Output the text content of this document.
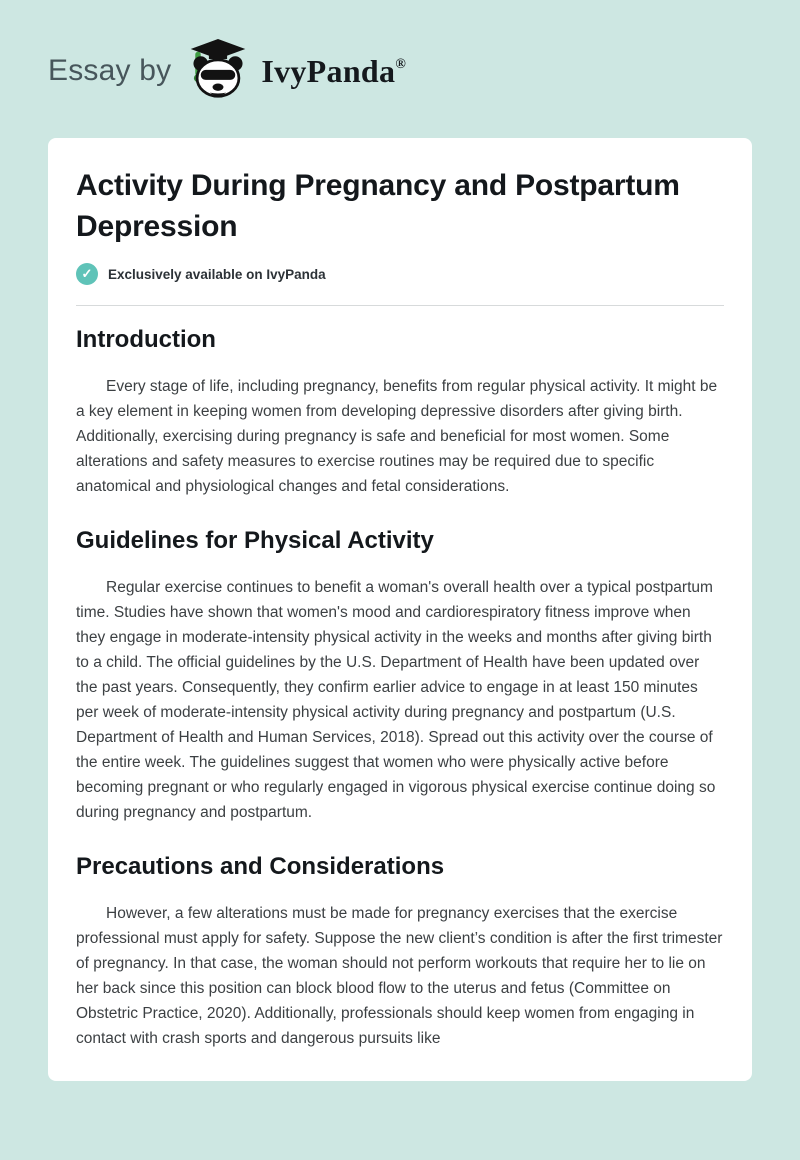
Essay by	IvyPanda®
Activity During Pregnancy and Postpartum Depression
✓	Exclusively available on IvyPanda
Introduction

Every stage of life, including pregnancy, benefits from regular physical activity. It might be a key element in keeping women from developing depressive disorders after giving birth. Additionally, exercising during pregnancy is safe and beneficial for most women. Some alterations and safety measures to exercise routines may be required due to specific anatomical and physiological changes and fetal considerations.

Guidelines for Physical Activity

Regular exercise continues to benefit a woman's overall health over a typical postpartum time. Studies have shown that women's mood and cardiorespiratory fitness improve when they engage in moderate-intensity physical activity in the weeks and months after giving birth to a child. The official guidelines by the U.S. Department of Health have been updated over the past years. Consequently, they confirm earlier advice to engage in at least 150 minutes per week of moderate-intensity physical activity during pregnancy and postpartum (U.S. Department of Health and Human Services, 2018). Spread out this activity over the course of the entire week. The guidelines suggest that women who were physically active before becoming pregnant or who regularly engaged in vigorous physical exercise continue doing so during pregnancy and postpartum.

Precautions and Considerations

However, a few alterations must be made for pregnancy exercises that the exercise professional must apply for safety. Suppose the new client’s condition is after the first trimester of pregnancy. In that case, the woman should not perform workouts that require her to lie on her back since this position can block blood flow to the uterus and fetus (Committee on Obstetric Practice, 2020). Additionally, professionals should keep women from engaging in contact with crash sports and dangerous pursuits like
